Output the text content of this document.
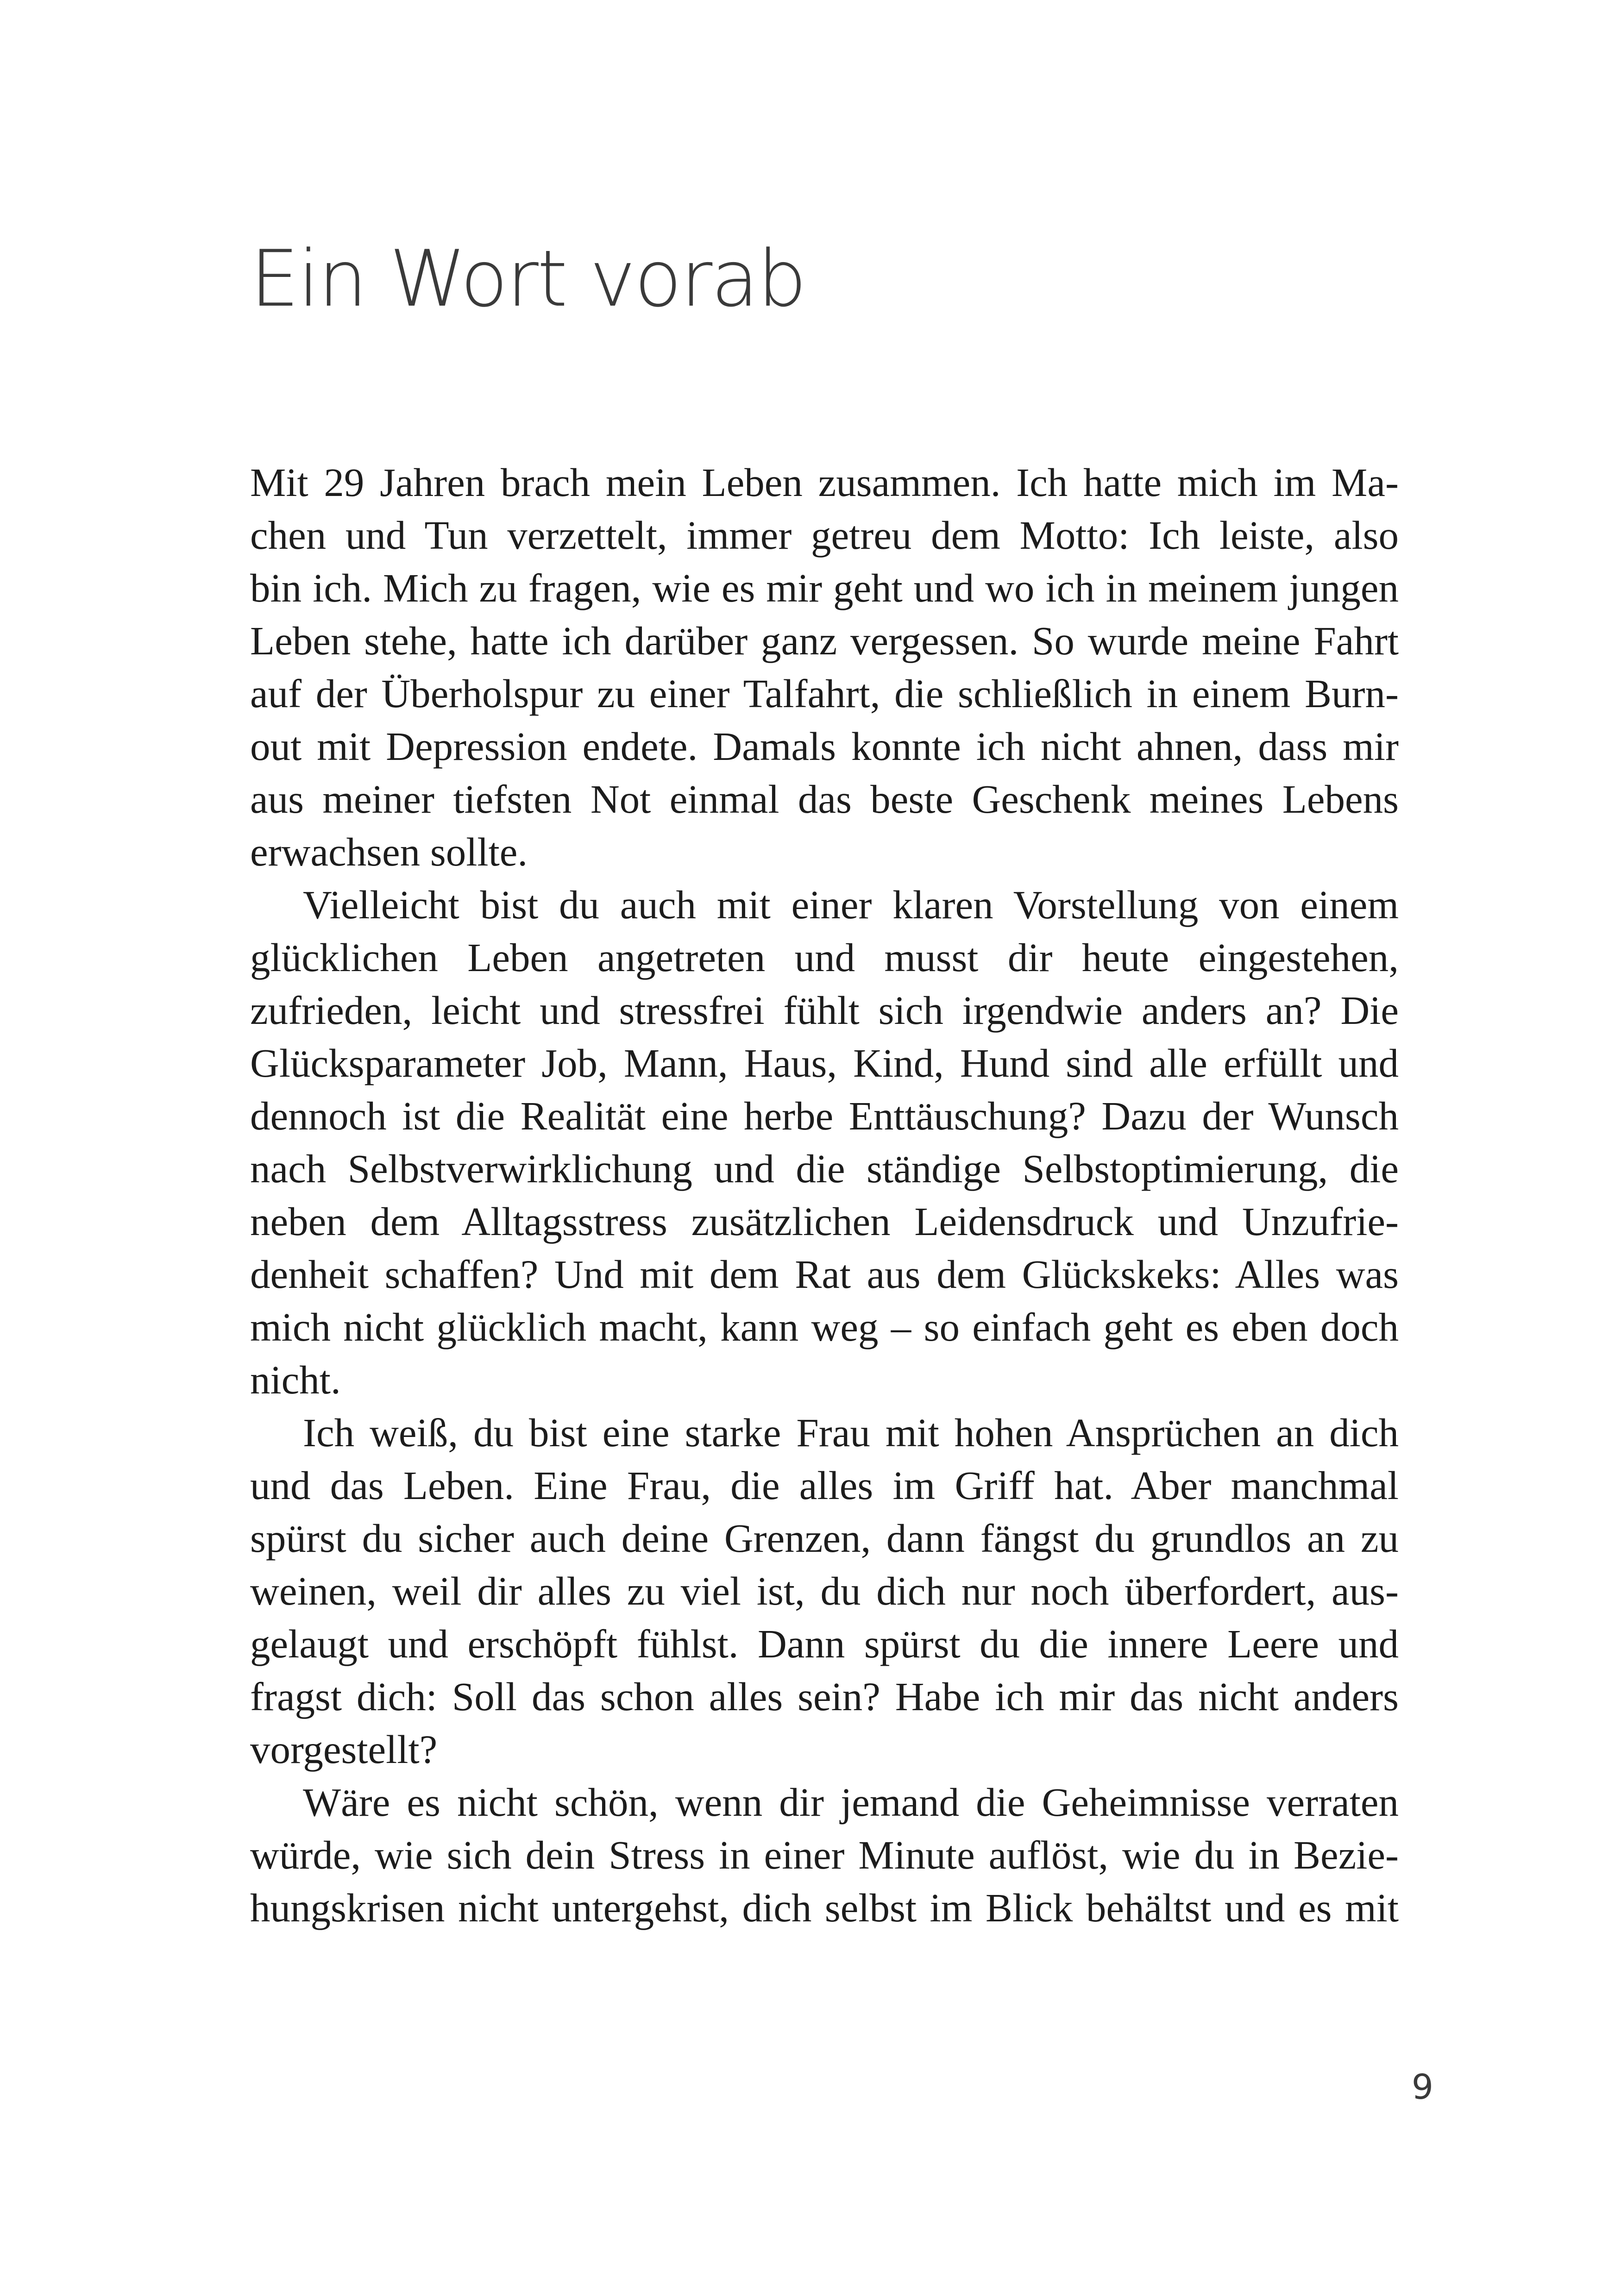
Ein Wort vorab
Mit 29 Jahren brach mein Leben zusammen. Ich hatte mich im Ma-
chen und Tun verzettelt, immer getreu dem Motto: Ich leiste, also
bin ich. Mich zu fragen, wie es mir geht und wo ich in meinem jungen
Leben stehe, hatte ich darüber ganz vergessen. So wurde meine Fahrt
auf der Überholspur zu einer Talfahrt, die schließlich in einem Burn-
out mit Depression endete. Damals konnte ich nicht ahnen, dass mir
aus meiner tiefsten Not einmal das beste Geschenk meines Lebens
erwachsen sollte.
Vielleicht bist du auch mit einer klaren Vorstellung von einem
glücklichen Leben angetreten und musst dir heute eingestehen,
zufrieden, leicht und stressfrei fühlt sich irgendwie anders an? Die
Glücksparameter Job, Mann, Haus, Kind, Hund sind alle erfüllt und
dennoch ist die Realität eine herbe Enttäuschung? Dazu der Wunsch
nach Selbstverwirklichung und die ständige Selbstoptimierung, die
neben dem Alltagsstress zusätzlichen Leidensdruck und Unzufrie-
denheit schaffen? Und mit dem Rat aus dem Glückskeks: Alles was
mich nicht glücklich macht, kann weg – so einfach geht es eben doch
nicht.
Ich weiß, du bist eine starke Frau mit hohen Ansprüchen an dich
und das Leben. Eine Frau, die alles im Griff hat. Aber manchmal
spürst du sicher auch deine Grenzen, dann fängst du grundlos an zu
weinen, weil dir alles zu viel ist, du dich nur noch überfordert, aus-
gelaugt und erschöpft fühlst. Dann spürst du die innere Leere und
fragst dich: Soll das schon alles sein? Habe ich mir das nicht anders
vorgestellt?
Wäre es nicht schön, wenn dir jemand die Geheimnisse verraten
würde, wie sich dein Stress in einer Minute auflöst, wie du in Bezie-
hungskrisen nicht untergehst, dich selbst im Blick behältst und es mit
9
